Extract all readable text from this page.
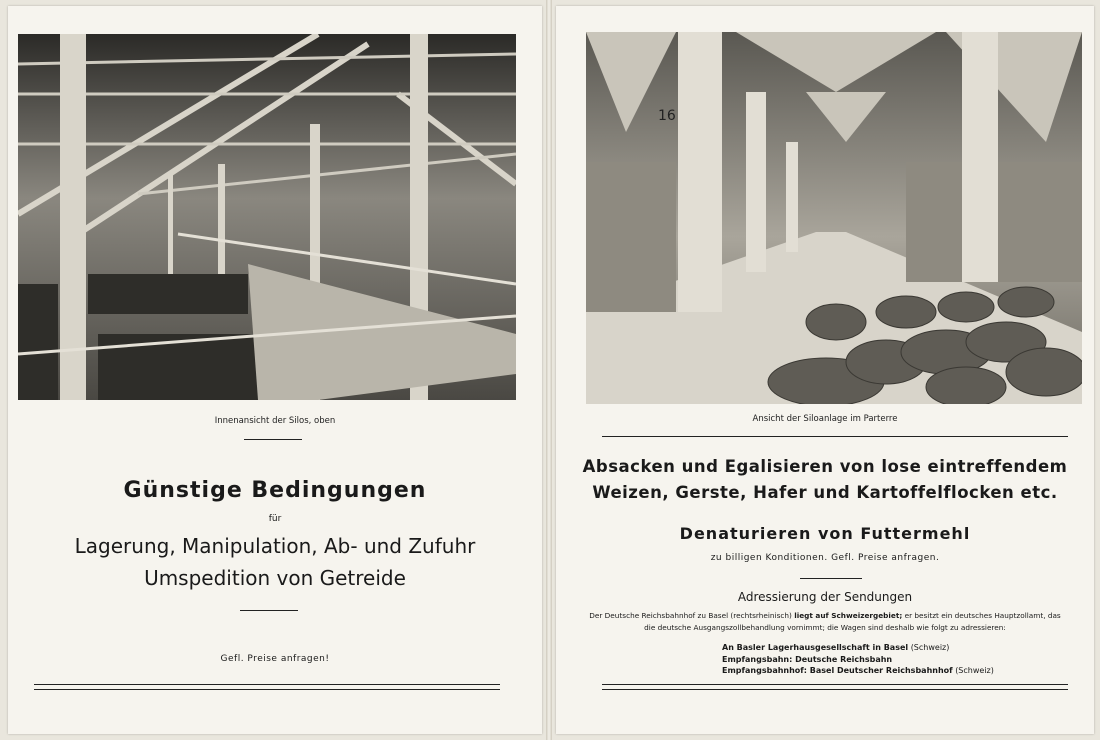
Innenansicht der Silos, oben
Günstige Bedingungen
für
Lagerung, Manipulation, Ab- und Zufuhr
Umspedition von Getreide
Gefl. Preise anfragen!
16
Ansicht der Siloanlage im Parterre
Absacken und Egalisieren von lose eintreffendem
Weizen, Gerste, Hafer und Kartoffelflocken etc.
Denaturieren von Futtermehl
zu billigen Konditionen. Gefl. Preise anfragen.
Adressierung der Sendungen
Der Deutsche Reichsbahnhof zu Basel (rechtsrheinisch) liegt auf Schweizergebiet; er besitzt ein deutsches Hauptzollamt, das
die deutsche Ausgangszollbehandlung vornimmt; die Wagen sind deshalb wie folgt zu adressieren:
An Basler Lagerhausgesellschaft in Basel (Schweiz)
Empfangsbahn: Deutsche Reichsbahn
Empfangsbahnhof: Basel Deutscher Reichsbahnhof (Schweiz)
